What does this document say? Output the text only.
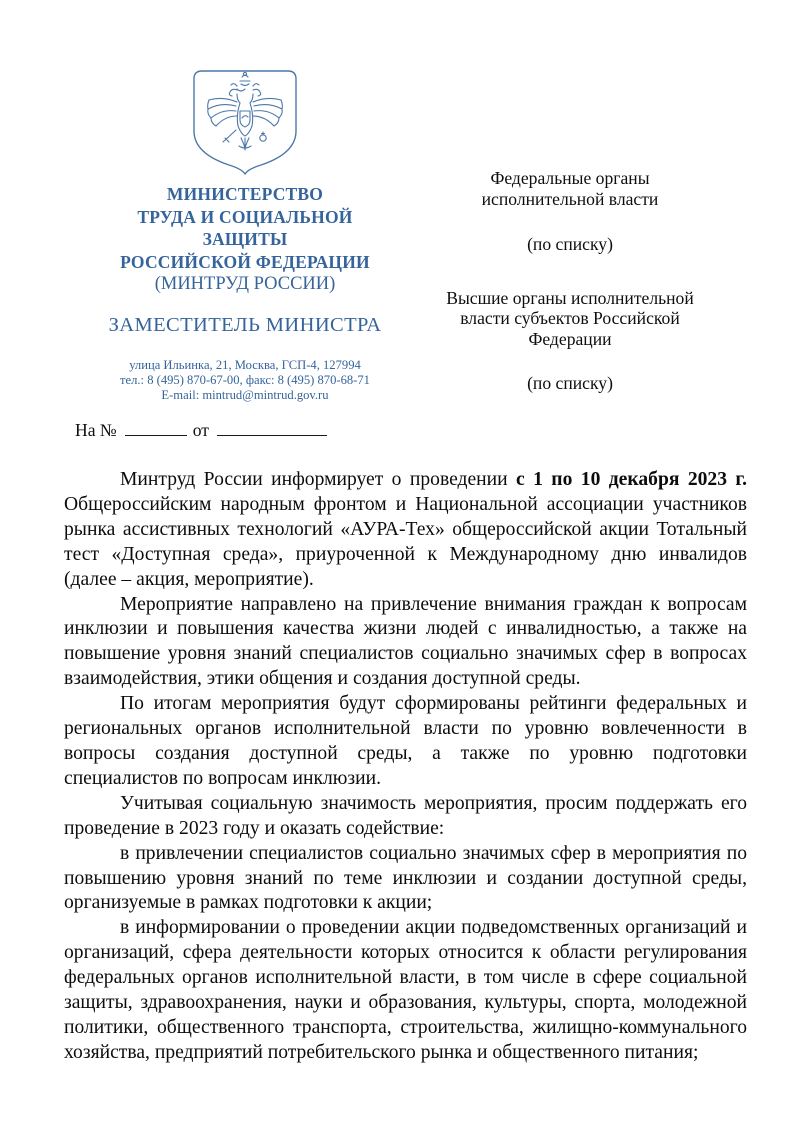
МИНИСТЕРСТВО
ТРУДА И СОЦИАЛЬНОЙ
ЗАЩИТЫ
РОССИЙСКОЙ ФЕДЕРАЦИИ
(МИНТРУД РОССИИ)
ЗАМЕСТИТЕЛЬ МИНИСТРА
улица Ильинка, 21, Москва, ГСП-4, 127994
тел.: 8 (495) 870-67-00, факс: 8 (495) 870-68-71
E-mail: mintrud@mintrud.gov.ru
Федеральные органы
исполнительной власти
(по списку)
Высшие органы исполнительной
власти субъектов Российской
Федерации
(по списку)
На №	от

Минтруд России информирует о проведении с 1 по 10 декабря 2023 г. Общероссийским народным фронтом и Национальной ассоциации участников рынка ассистивных технологий «АУРА-Тех» общероссийской акции Тотальный тест «Доступная среда», приуроченной к Международному дню инвалидов (далее – акция, мероприятие).

Мероприятие направлено на привлечение внимания граждан к вопросам инклюзии и повышения качества жизни людей с инвалидностью, а также на повышение уровня знаний специалистов социально значимых сфер в вопросах взаимодействия, этики общения и создания доступной среды.

По итогам мероприятия будут сформированы рейтинги федеральных и региональных органов исполнительной власти по уровню вовлеченности в вопросы создания доступной среды, а также по уровню подготовки специалистов по вопросам инклюзии.

Учитывая социальную значимость мероприятия, просим поддержать его проведение в 2023 году и оказать содействие:

в привлечении специалистов социально значимых сфер в мероприятия по повышению уровня знаний по теме инклюзии и создании доступной среды, организуемые в рамках подготовки к акции;

в информировании о проведении акции подведомственных организаций и организаций, сфера деятельности которых относится к области регулирования федеральных органов исполнительной власти, в том числе в сфере социальной защиты, здравоохранения, науки и образования, культуры, спорта, молодежной политики, общественного транспорта, строительства, жилищно-коммунального хозяйства, предприятий потребительского рынка и общественного питания;
